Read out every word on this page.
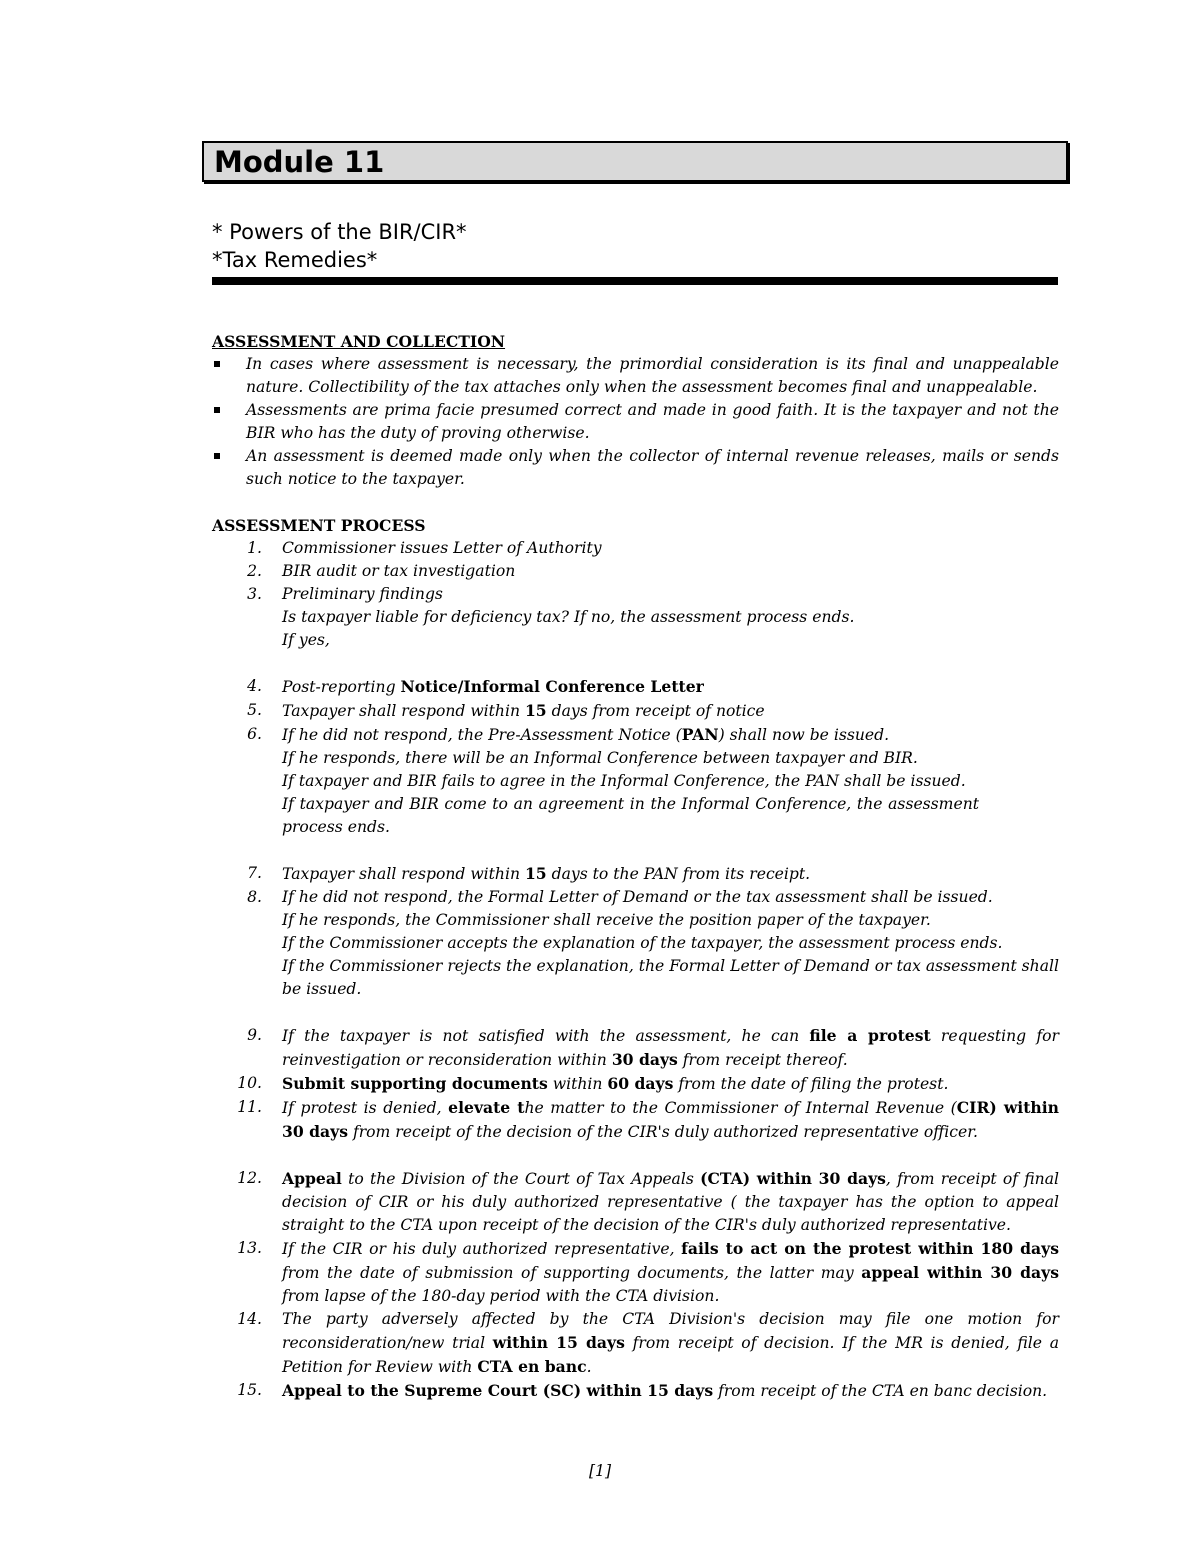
Module 11

* Powers of the BIR/CIR*

*Tax Remedies*

ASSESSMENT AND COLLECTION
In cases where assessment is necessary, the primordial consideration is its final and unappealable nature. Collectibility of the tax attaches only when the assessment becomes final and unappealable.
Assessments are prima facie presumed correct and made in good faith. It is the taxpayer and not the BIR who has the duty of proving otherwise.
An assessment is deemed made only when the collector of internal revenue releases, mails or sends such notice to the taxpayer.
ASSESSMENT PROCESS
1. Commissioner issues Letter of Authority
2. BIR audit or tax investigation
3. Preliminary findings
Is taxpayer liable for deficiency tax? If no, the assessment process ends.
If yes,
4. Post-reporting Notice/Informal Conference Letter
5. Taxpayer shall respond within 15 days from receipt of notice
6. If he did not respond, the Pre-Assessment Notice (PAN) shall now be issued.
If he responds, there will be an Informal Conference between taxpayer and BIR.
If taxpayer and BIR fails to agree in the Informal Conference, the PAN shall be issued.
If taxpayer and BIR come to an agreement in the Informal Conference, the assessment process ends.
7. Taxpayer shall respond within 15 days to the PAN from its receipt.
8. If he did not respond, the Formal Letter of Demand or the tax assessment shall be issued.
If he responds, the Commissioner shall receive the position paper of the taxpayer.
If the Commissioner accepts the explanation of the taxpayer, the assessment process ends.
If the Commissioner rejects the explanation, the Formal Letter of Demand or tax assessment shall be issued.
9. If the taxpayer is not satisfied with the assessment, he can file a protest requesting for reinvestigation or reconsideration within 30 days from receipt thereof.
10. Submit supporting documents within 60 days from the date of filing the protest.
11. If protest is denied, elevate the matter to the Commissioner of Internal Revenue (CIR) within 30 days from receipt of the decision of the CIR's duly authorized representative officer.
12. Appeal to the Division of the Court of Tax Appeals (CTA) within 30 days, from receipt of final decision of CIR or his duly authorized representative ( the taxpayer has the option to appeal straight to the CTA upon receipt of the decision of the CIR's duly authorized representative.
13. If the CIR or his duly authorized representative, fails to act on the protest within 180 days from the date of submission of supporting documents, the latter may appeal within 30 days from lapse of the 180-day period with the CTA division.
14. The party adversely affected by the CTA Division's decision may file one motion for reconsideration/new trial within 15 days from receipt of decision. If the MR is denied, file a Petition for Review with CTA en banc.
15. Appeal to the Supreme Court (SC) within 15 days from receipt of the CTA en banc decision.
[1]
